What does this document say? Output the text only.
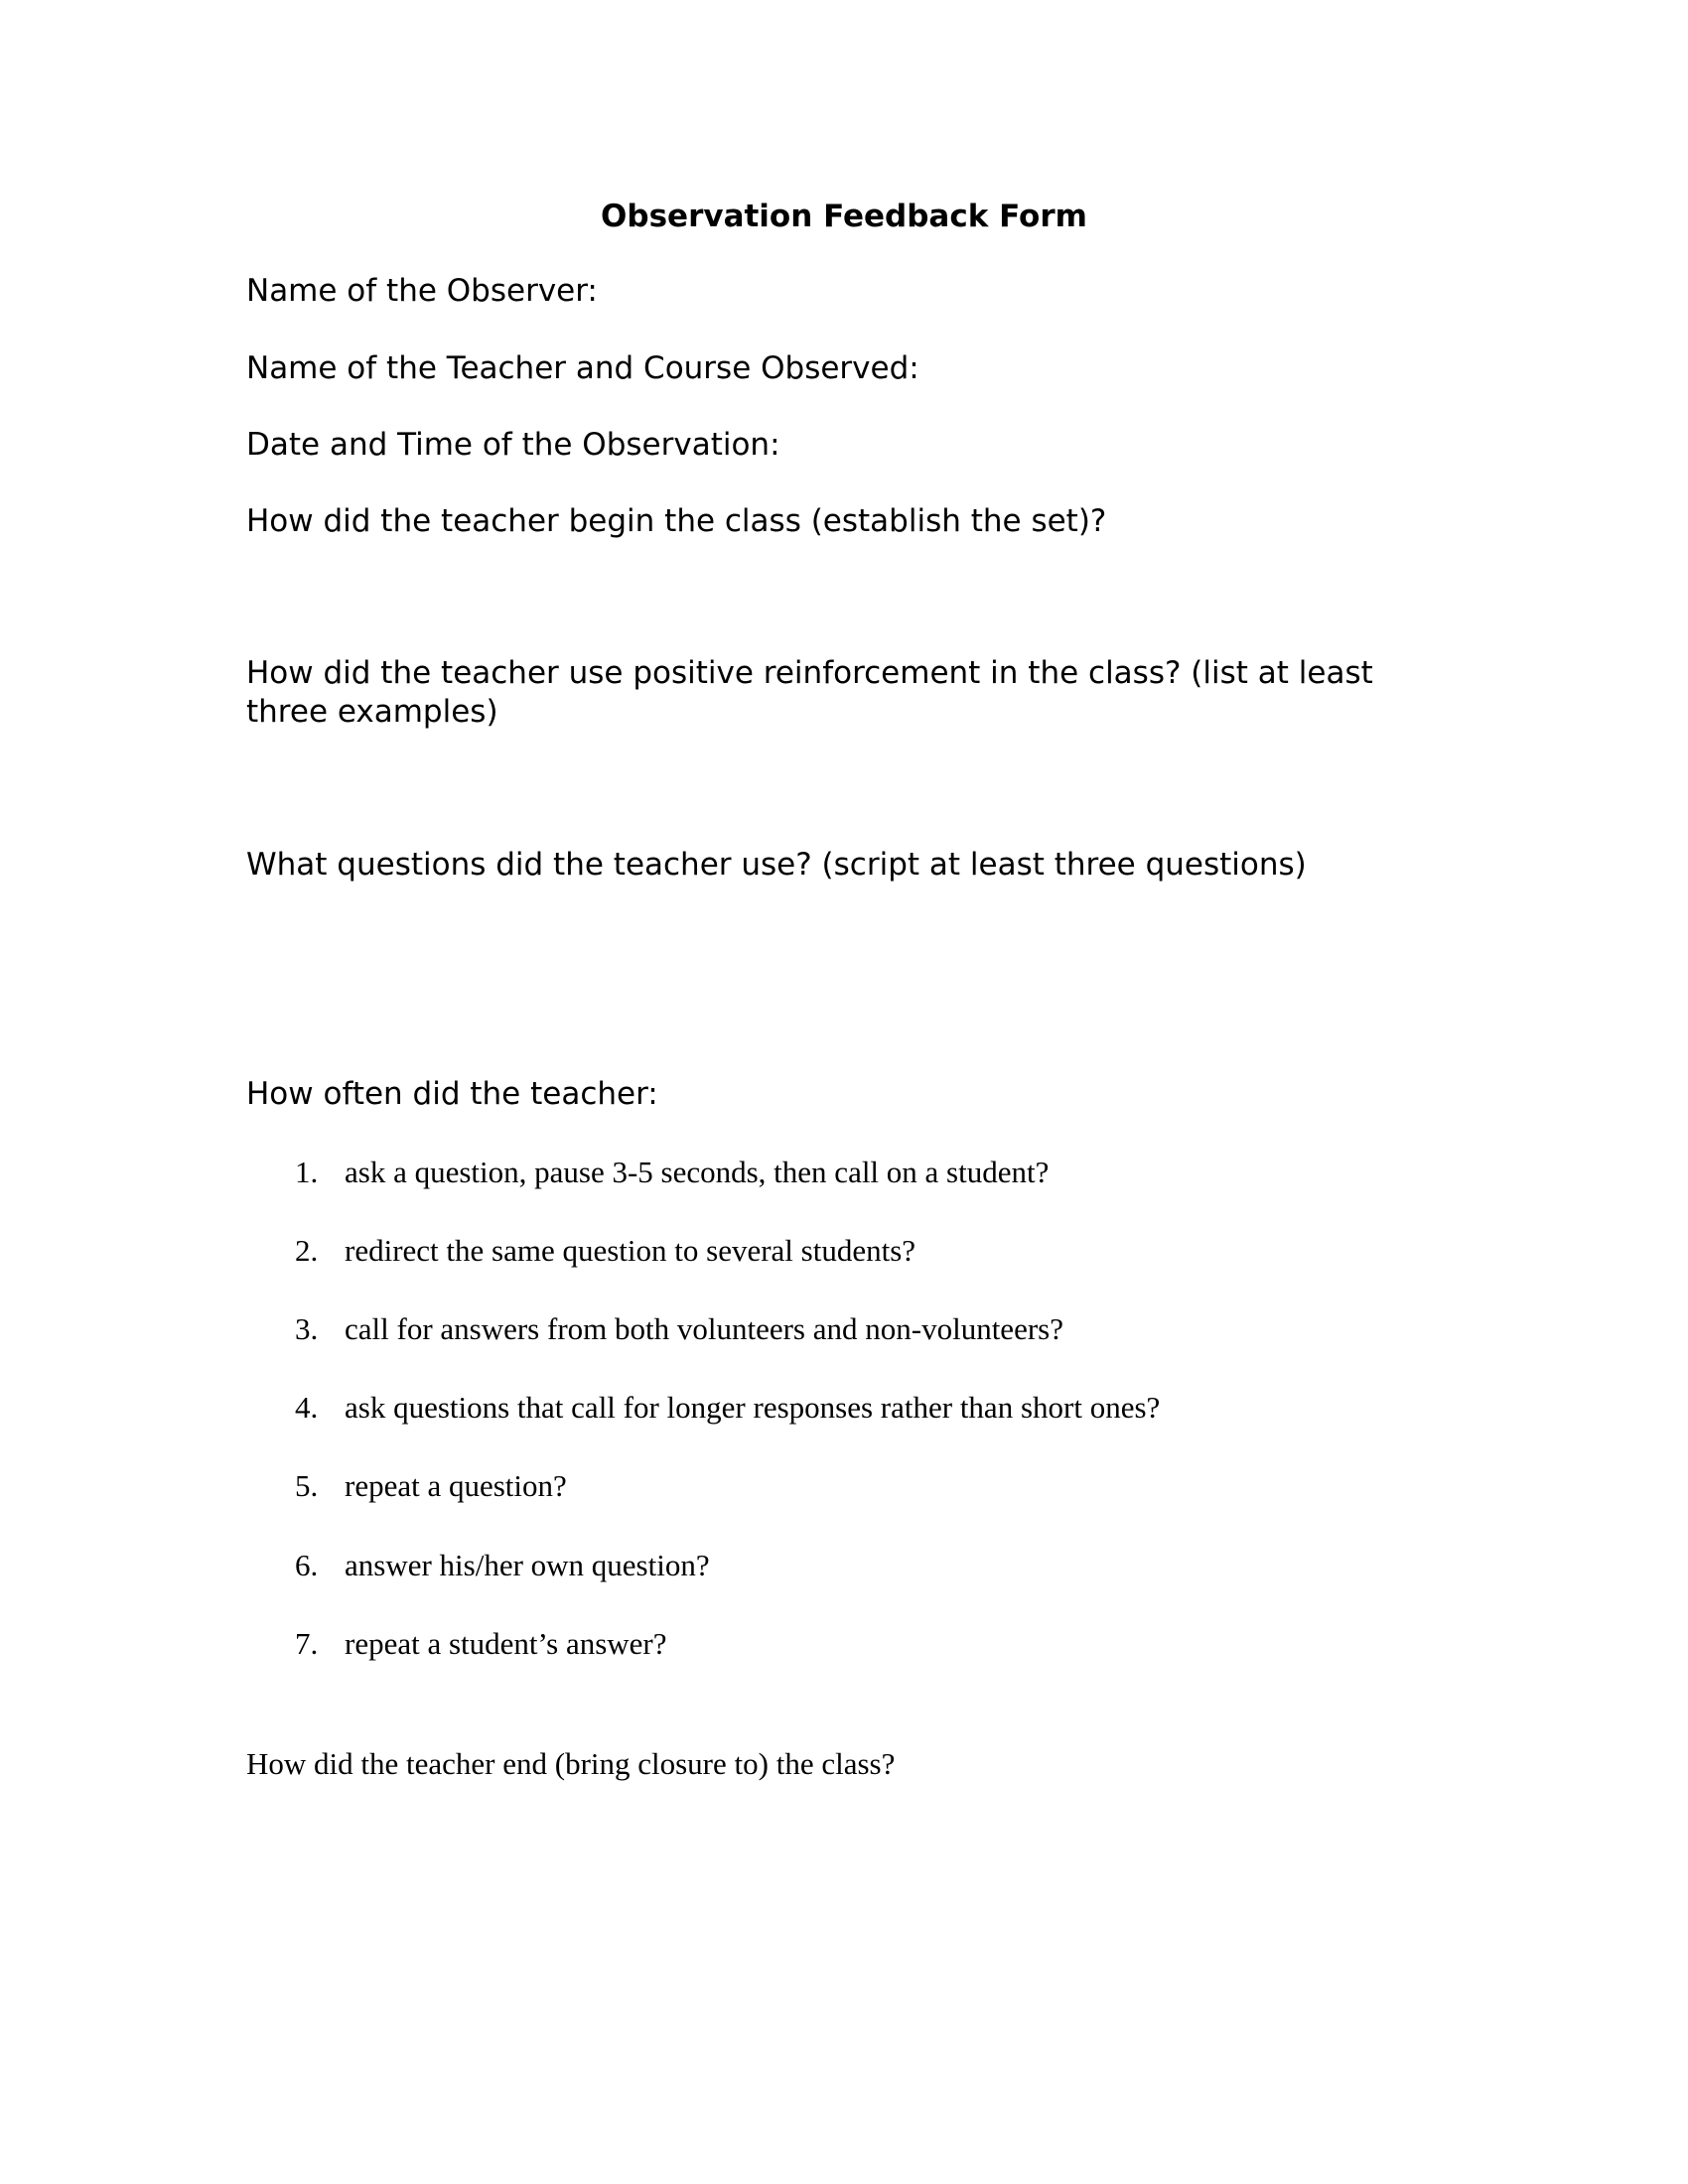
Observation Feedback Form
Name of the Observer:
Name of the Teacher and Course Observed:
Date and Time of the Observation:
How did the teacher begin the class (establish the set)?
How did the teacher use positive reinforcement in the class? (list at least three examples)
What questions did the teacher use? (script at least three questions)
How often did the teacher:
1. ask a question, pause 3-5 seconds, then call on a student?
2. redirect the same question to several students?
3. call for answers from both volunteers and non-volunteers?
4. ask questions that call for longer responses rather than short ones?
5. repeat a question?
6. answer his/her own question?
7. repeat a student’s answer?
How did the teacher end (bring closure to) the class?
